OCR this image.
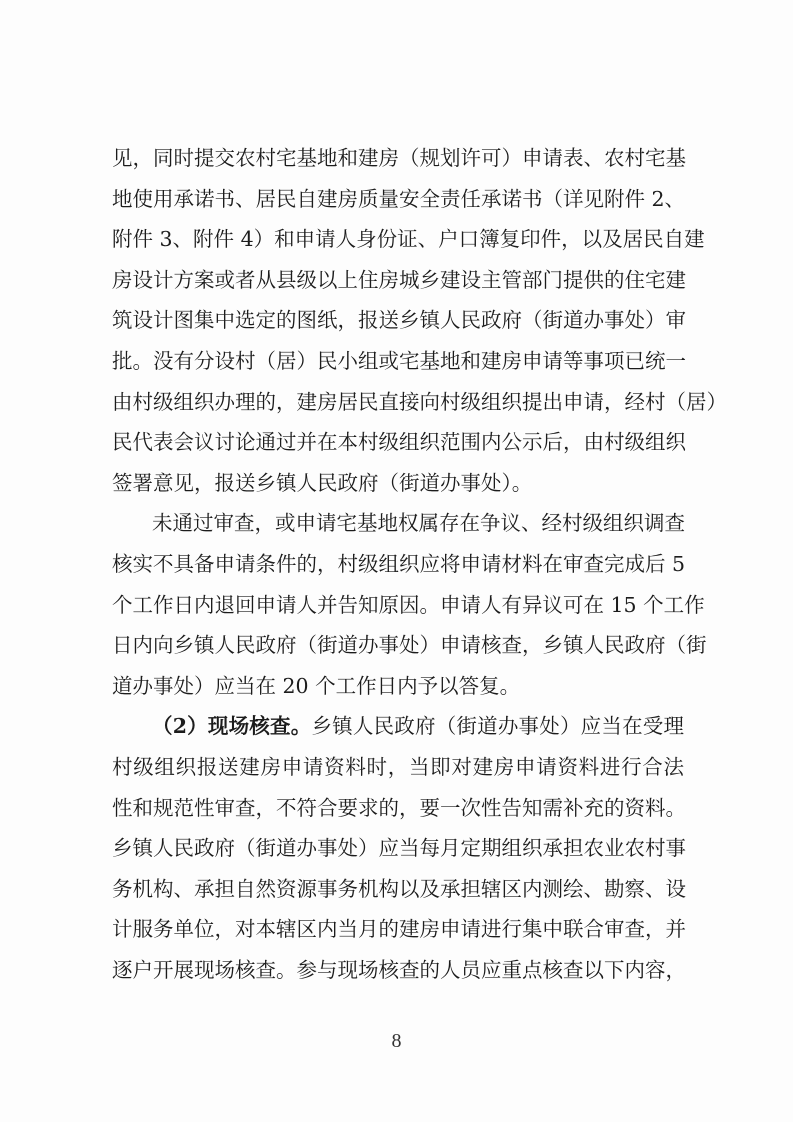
见，同时提交农村宅基地和建房（规划许可）申请表、农村宅基
地使用承诺书、居民自建房质量安全责任承诺书（详见附件 2、
附件 3、附件 4）和申请人身份证、户口簿复印件，以及居民自建
房设计方案或者从县级以上住房城乡建设主管部门提供的住宅建
筑设计图集中选定的图纸，报送乡镇人民政府（街道办事处）审
批。没有分设村（居）民小组或宅基地和建房申请等事项已统一
由村级组织办理的，建房居民直接向村级组织提出申请，经村（居）
民代表会议讨论通过并在本村级组织范围内公示后，由村级组织
签署意见，报送乡镇人民政府（街道办事处）。
未通过审查，或申请宅基地权属存在争议、经村级组织调查
核实不具备申请条件的，村级组织应将申请材料在审查完成后 5
个工作日内退回申请人并告知原因。申请人有异议可在 15 个工作
日内向乡镇人民政府（街道办事处）申请核查，乡镇人民政府（街
道办事处）应当在 20 个工作日内予以答复。
（2）现场核查。乡镇人民政府（街道办事处）应当在受理
村级组织报送建房申请资料时，当即对建房申请资料进行合法
性和规范性审查，不符合要求的，要一次性告知需补充的资料。
乡镇人民政府（街道办事处）应当每月定期组织承担农业农村事
务机构、承担自然资源事务机构以及承担辖区内测绘、勘察、设
计服务单位，对本辖区内当月的建房申请进行集中联合审查，并
逐户开展现场核查。参与现场核查的人员应重点核查以下内容，
8
